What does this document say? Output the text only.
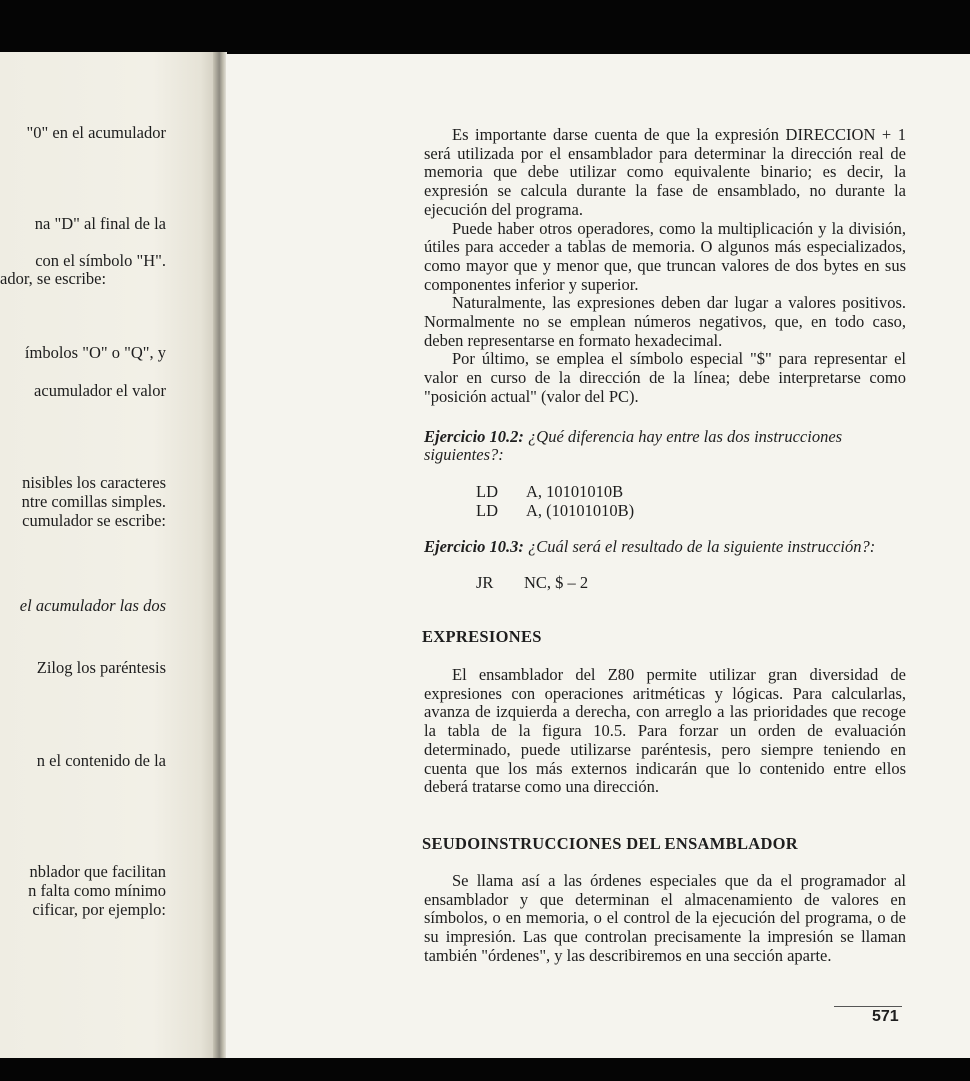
"0" en el acumulador
na "D" al final de la
con el símbolo "H".
ador, se escribe:
ímbolos "O" o "Q", y
acumulador el valor
nisibles los caracteres
ntre comillas simples.
cumulador se escribe:
el acumulador las dos
Zilog los paréntesis
n el contenido de la
nblador que facilitan
n falta como mínimo
cificar, por ejemplo:

Es importante darse cuenta de que la expresión DIRECCION + 1 será utilizada por el ensamblador para determinar la dirección real de memoria que debe utilizar como equivalente binario; es decir, la expresión se calcula durante la fase de ensamblado, no durante la ejecución del programa.

Puede haber otros operadores, como la multiplicación y la división, útiles para acceder a tablas de memoria. O algunos más especializados, como mayor que y menor que, que truncan valores de dos bytes en sus componentes inferior y superior.

Naturalmente, las expresiones deben dar lugar a valores positivos. Normalmente no se emplean números negativos, que, en todo caso, deben representarse en formato hexadecimal.

Por último, se emplea el símbolo especial "$" para representar el valor en curso de la dirección de la línea; debe interpretarse como "posición actual" (valor del PC).

Ejercicio 10.2: ¿Qué diferencia hay entre las dos instrucciones siguientes?:
LD A, 10101010B
LD A, (10101010B)
Ejercicio 10.3: ¿Cuál será el resultado de la siguiente instrucción?:
JR NC, $ – 2
EXPRESIONES

El ensamblador del Z80 permite utilizar gran diversidad de expresiones con operaciones aritméticas y lógicas. Para calcularlas, avanza de izquierda a derecha, con arreglo a las prioridades que recoge la tabla de la figura 10.5. Para forzar un orden de evaluación determinado, puede utilizarse paréntesis, pero siempre teniendo en cuenta que los más externos indicarán que lo contenido entre ellos deberá tratarse como una dirección.

SEUDOINSTRUCCIONES DEL ENSAMBLADOR

Se llama así a las órdenes especiales que da el programador al ensamblador y que determinan el almacenamiento de valores en símbolos, o en memoria, o el control de la ejecución del programa, o de su impresión. Las que controlan precisamente la impresión se llaman también "órdenes", y las describiremos en una sección aparte.

571
